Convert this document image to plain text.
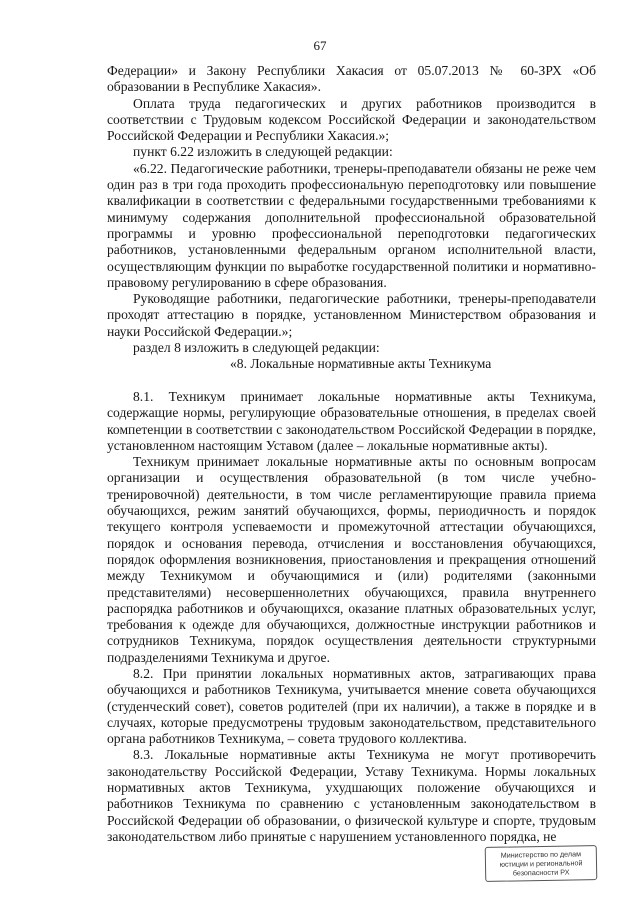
67

Федерации» и Закону Республики Хакасия от 05.07.2013 № 60-ЗРХ «Об образовании в Республике Хакасия».

Оплата труда педагогических и других работников производится в соответствии с Трудовым кодексом Российской Федерации и законодательством Российской Федерации и Республики Хакасия.»;

пункт 6.22 изложить в следующей редакции:

«6.22. Педагогические работники, тренеры-преподаватели обязаны не реже чем один раз в три года проходить профессиональную переподготовку или повышение квалификации в соответствии с федеральными государственными требованиями к минимуму содержания дополнительной профессиональной образовательной программы и уровню профессиональной переподготовки педагогических работников, установленными федеральным органом исполнительной власти, осуществляющим функции по выработке государственной политики и нормативно-правовому регулированию в сфере образования.

Руководящие работники, педагогические работники, тренеры-преподаватели проходят аттестацию в порядке, установленном Министерством образования и науки Российской Федерации.»;

раздел 8 изложить в следующей редакции:

«8. Локальные нормативные акты Техникума

8.1. Техникум принимает локальные нормативные акты Техникума, содержащие нормы, регулирующие образовательные отношения, в пределах своей компетенции в соответствии с законодательством Российской Федерации в порядке, установленном настоящим Уставом (далее – локальные нормативные акты).

Техникум принимает локальные нормативные акты по основным вопросам организации и осуществления образовательной (в том числе учебно-тренировочной) деятельности, в том числе регламентирующие правила приема обучающихся, режим занятий обучающихся, формы, периодичность и порядок текущего контроля успеваемости и промежуточной аттестации обучающихся, порядок и основания перевода, отчисления и восстановления обучающихся, порядок оформления возникновения, приостановления и прекращения отношений между Техникумом и обучающимися и (или) родителями (законными представителями) несовершеннолетних обучающихся, правила внутреннего распорядка работников и обучающихся, оказание платных образовательных услуг, требования к одежде для обучающихся, должностные инструкции работников и сотрудников Техникума, порядок осуществления деятельности структурными подразделениями Техникума и другое.

8.2. При принятии локальных нормативных актов, затрагивающих права обучающихся и работников Техникума, учитывается мнение совета обучающихся (студенческий совет), советов родителей (при их наличии), а также в порядке и в случаях, которые предусмотрены трудовым законодательством, представительного органа работников Техникума, – совета трудового коллектива.

8.3. Локальные нормативные акты Техникума не могут противоречить законодательству Российской Федерации, Уставу Техникума. Нормы локальных нормативных актов Техникума, ухудшающих положение обучающихся и работников Техникума по сравнению с установленным законодательством в Российской Федерации об образовании, о физической культуре и спорте, трудовым законодательством либо принятые с нарушением установленного порядка, не

Министерство по делам
юстиции и региональной
безопасности РХ
